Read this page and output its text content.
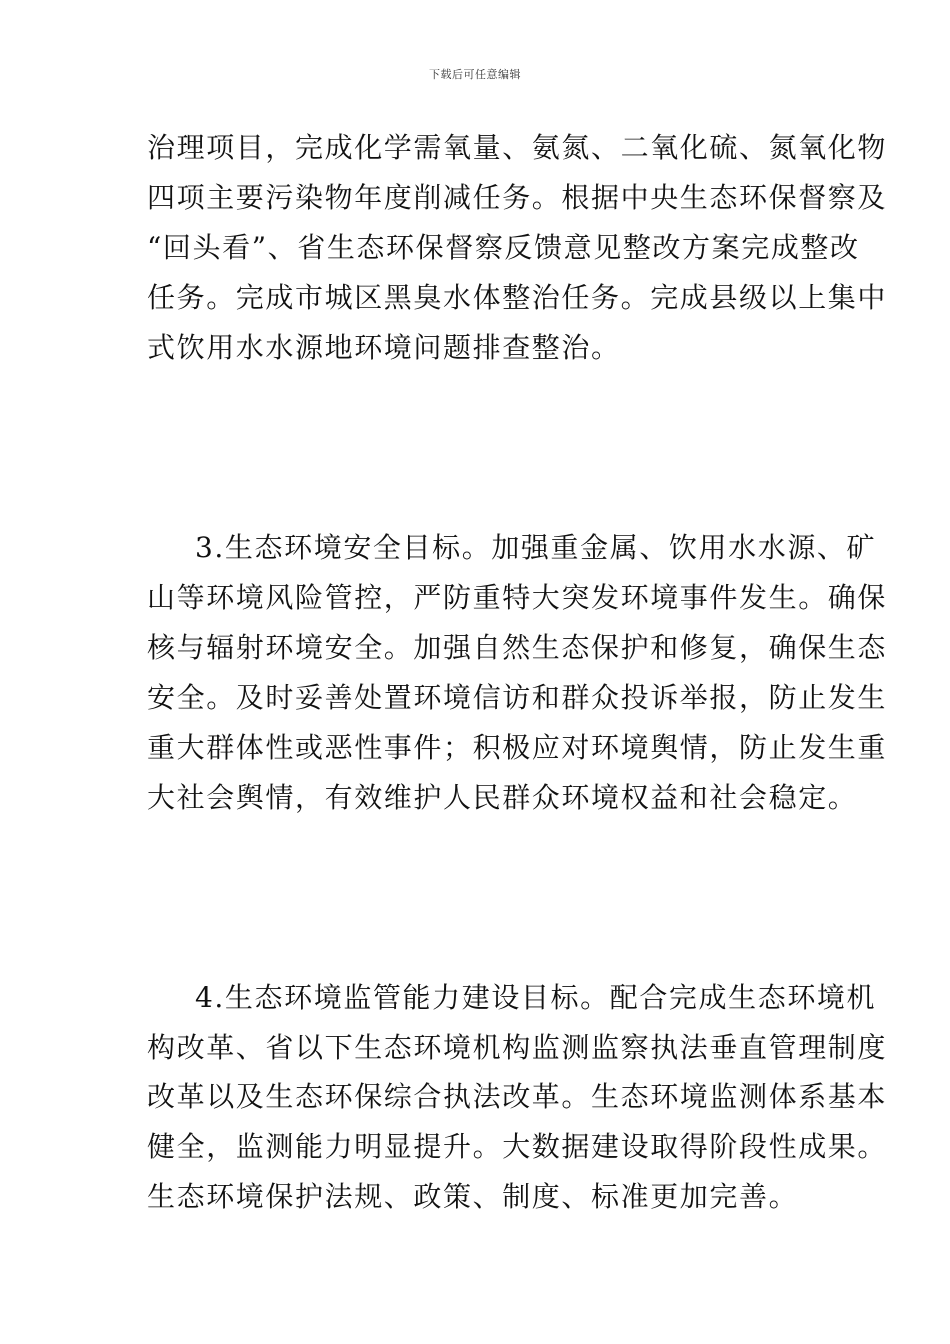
下载后可任意编辑
治理项目，完成化学需氧量、氨氮、二氧化硫、氮氧化物
四项主要污染物年度削减任务。根据中央生态环保督察及
“回头看”、省生态环保督察反馈意见整改方案完成整改
任务。完成市城区黑臭水体整治任务。完成县级以上集中
式饮用水水源地环境问题排查整治。
3.生态环境安全目标。加强重金属、饮用水水源、矿
山等环境风险管控，严防重特大突发环境事件发生。确保
核与辐射环境安全。加强自然生态保护和修复，确保生态
安全。及时妥善处置环境信访和群众投诉举报，防止发生
重大群体性或恶性事件；积极应对环境舆情，防止发生重
大社会舆情，有效维护人民群众环境权益和社会稳定。
4.生态环境监管能力建设目标。配合完成生态环境机
构改革、省以下生态环境机构监测监察执法垂直管理制度
改革以及生态环保综合执法改革。生态环境监测体系基本
健全，监测能力明显提升。大数据建设取得阶段性成果。
生态环境保护法规、政策、制度、标准更加完善。
